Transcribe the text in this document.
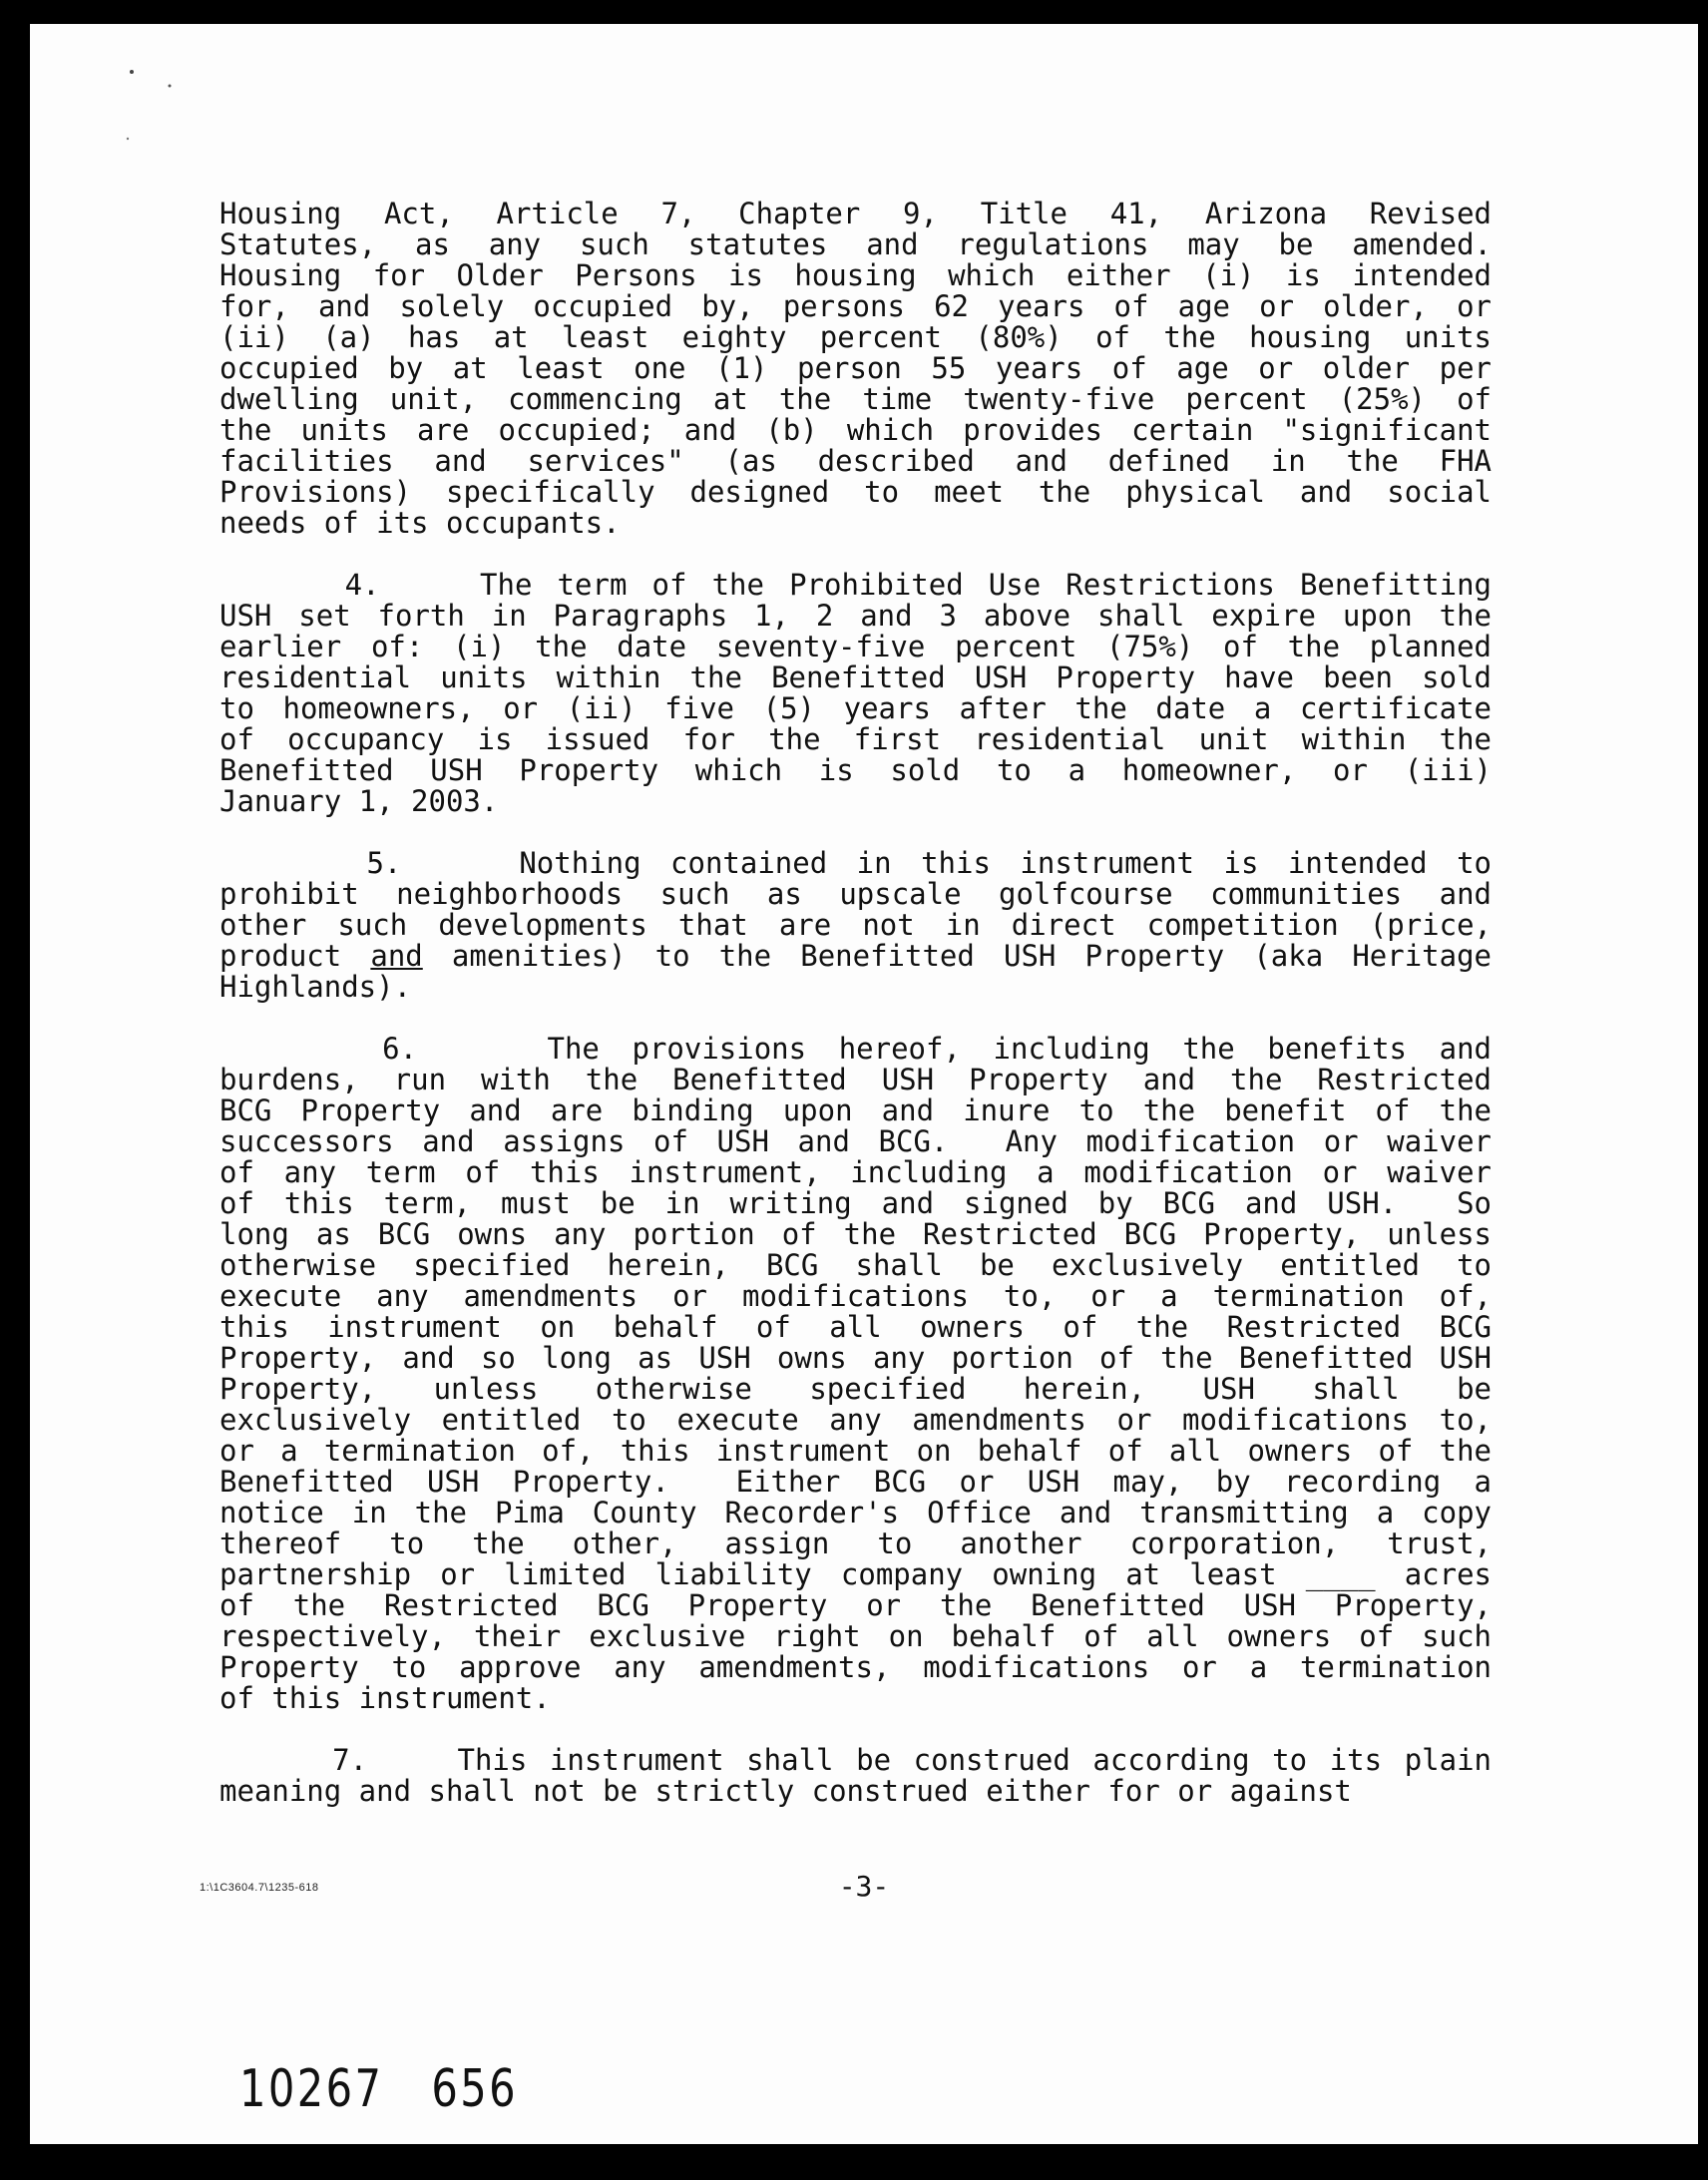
Housing Act, Article 7, Chapter 9, Title 41, Arizona Revised
Statutes, as any such statutes and regulations may be amended.
Housing for Older Persons is housing which either (i) is intended
for, and solely occupied by, persons 62 years of age or older, or
(ii) (a) has at least eighty percent (80%) of the housing units
occupied by at least one (1) person 55 years of age or older per
dwelling unit, commencing at the time twenty-five percent (25%) of
the units are occupied; and (b) which provides certain "significant
facilities and services" (as described and defined in the FHA
Provisions) specifically designed to meet the physical and social
needs of its occupants.
4.    The term of the Prohibited Use Restrictions Benefitting
USH set forth in Paragraphs 1, 2 and 3 above shall expire upon the
earlier of: (i) the date seventy-five percent (75%) of the planned
residential units within the Benefitted USH Property have been sold
to homeowners, or (ii) five (5) years after the date a certificate
of occupancy is issued for the first residential unit within the
Benefitted USH Property which is sold to a homeowner, or (iii)
January 1, 2003.
5.    Nothing contained in this instrument is intended to
prohibit neighborhoods such as upscale golfcourse communities and
other such developments that are not in direct competition (price,
product and amenities) to the Benefitted USH Property (aka Heritage
Highlands).
6.    The provisions hereof, including the benefits and
burdens, run with the Benefitted USH Property and the Restricted
BCG Property and are binding upon and inure to the benefit of the
successors and assigns of USH and BCG.  Any modification or waiver
of any term of this instrument, including a modification or waiver
of this term, must be in writing and signed by BCG and USH.  So
long as BCG owns any portion of the Restricted BCG Property, unless
otherwise specified herein, BCG shall be exclusively entitled to
execute any amendments or modifications to, or a termination of,
this instrument on behalf of all owners of the Restricted BCG
Property, and so long as USH owns any portion of the Benefitted USH
Property, unless otherwise specified herein, USH shall be
exclusively entitled to execute any amendments or modifications to,
or a termination of, this instrument on behalf of all owners of the
Benefitted USH Property.  Either BCG or USH may, by recording a
notice in the Pima County Recorder's Office and transmitting a copy
thereof to the other, assign to another corporation, trust,
partnership or limited liability company owning at least ____ acres
of the Restricted BCG Property or the Benefitted USH Property,
respectively, their exclusive right on behalf of all owners of such
Property to approve any amendments, modifications or a termination
of this instrument.
7.    This instrument shall be construed according to its plain
meaning and shall not be strictly construed either for or against
1:\1C3604.7\1235-618	-3-
10267 656
